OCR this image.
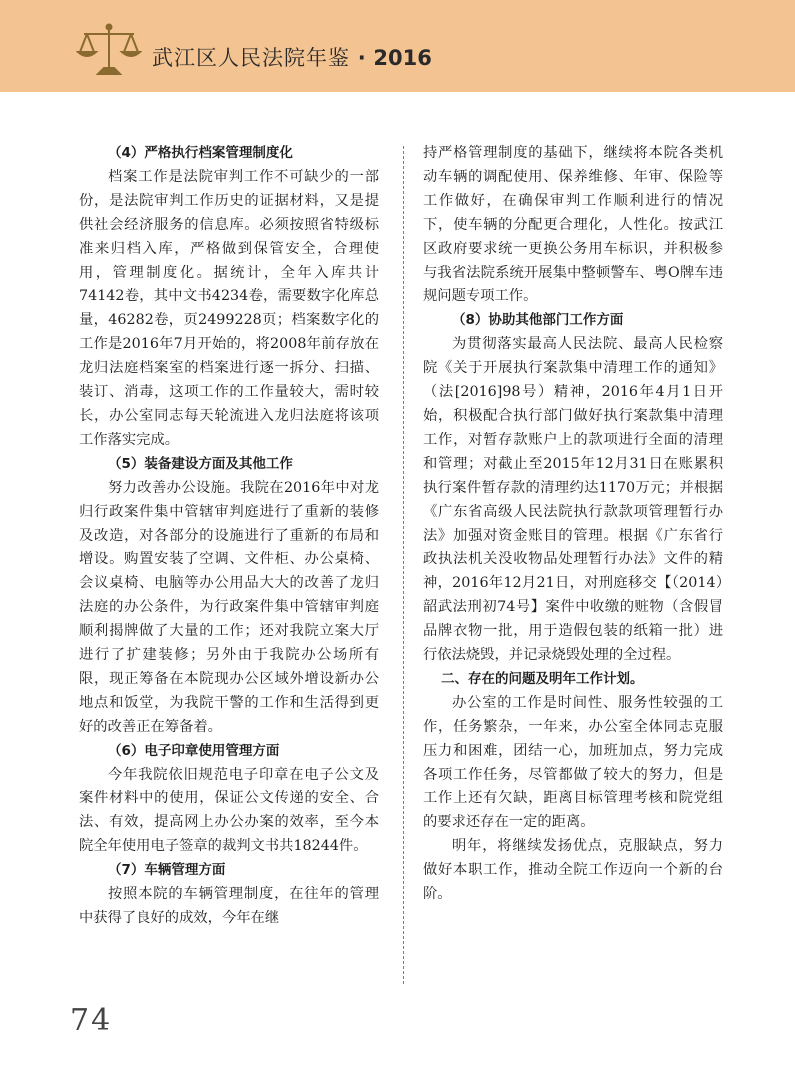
武江区人民法院年鉴 · 2016

（4）严格执行档案管理制度化

档案工作是法院审判工作不可缺少的一部份，是法院审判工作历史的证据材料，又是提供社会经济服务的信息库。必须按照省特级标准来归档入库，严格做到保管安全，合理使用，管理制度化。据统计，全年入库共计74142卷，其中文书4234卷，需要数字化库总量，46282卷，页2499228页；档案数字化的工作是2016年7月开始的，将2008年前存放在龙归法庭档案室的档案进行逐一拆分、扫描、装订、消毒，这项工作的工作量较大，需时较长，办公室同志每天轮流进入龙归法庭将该项工作落实完成。

（5）装备建设方面及其他工作

努力改善办公设施。我院在2016年中对龙归行政案件集中管辖审判庭进行了重新的装修及改造，对各部分的设施进行了重新的布局和增设。购置安装了空调、文件柜、办公桌椅、会议桌椅、电脑等办公用品大大的改善了龙归法庭的办公条件，为行政案件集中管辖审判庭顺利揭牌做了大量的工作；还对我院立案大厅进行了扩建装修；另外由于我院办公场所有限，现正筹备在本院现办公区域外增设新办公地点和饭堂，为我院干警的工作和生活得到更好的改善正在筹备着。

（6）电子印章使用管理方面

今年我院依旧规范电子印章在电子公文及案件材料中的使用，保证公文传递的安全、合法、有效，提高网上办公办案的效率，至今本院全年使用电子签章的裁判文书共18244件。

（7）车辆管理方面

按照本院的车辆管理制度，在往年的管理中获得了良好的成效，今年在继

持严格管理制度的基础下，继续将本院各类机动车辆的调配使用、保养维修、年审、保险等工作做好，在确保审判工作顺利进行的情况下，使车辆的分配更合理化，人性化。按武江区政府要求统一更换公务用车标识，并积极参与我省法院系统开展集中整顿警车、粤O牌车违规问题专项工作。

（8）协助其他部门工作方面

为贯彻落实最高人民法院、最高人民检察院《关于开展执行案款集中清理工作的通知》（法[2016]98号）精神，2016年4月1日开始，积极配合执行部门做好执行案款集中清理工作，对暂存款账户上的款项进行全面的清理和管理；对截止至2015年12月31日在账累积执行案件暂存款的清理约达1170万元；并根据《广东省高级人民法院执行款款项管理暂行办法》加强对资金账目的管理。根据《广东省行政执法机关没收物品处理暂行办法》文件的精神，2016年12月21日，对刑庭移交【（2014）韶武法刑初74号】案件中收缴的赃物（含假冒品牌衣物一批，用于造假包装的纸箱一批）进行依法烧毁，并记录烧毁处理的全过程。

二、存在的问题及明年工作计划。

办公室的工作是时间性、服务性较强的工作，任务繁杂，一年来，办公室全体同志克服压力和困难，团结一心，加班加点，努力完成各项工作任务，尽管都做了较大的努力，但是工作上还有欠缺，距离目标管理考核和院党组的要求还存在一定的距离。

明年，将继续发扬优点，克服缺点，努力做好本职工作，推动全院工作迈向一个新的台阶。

74
